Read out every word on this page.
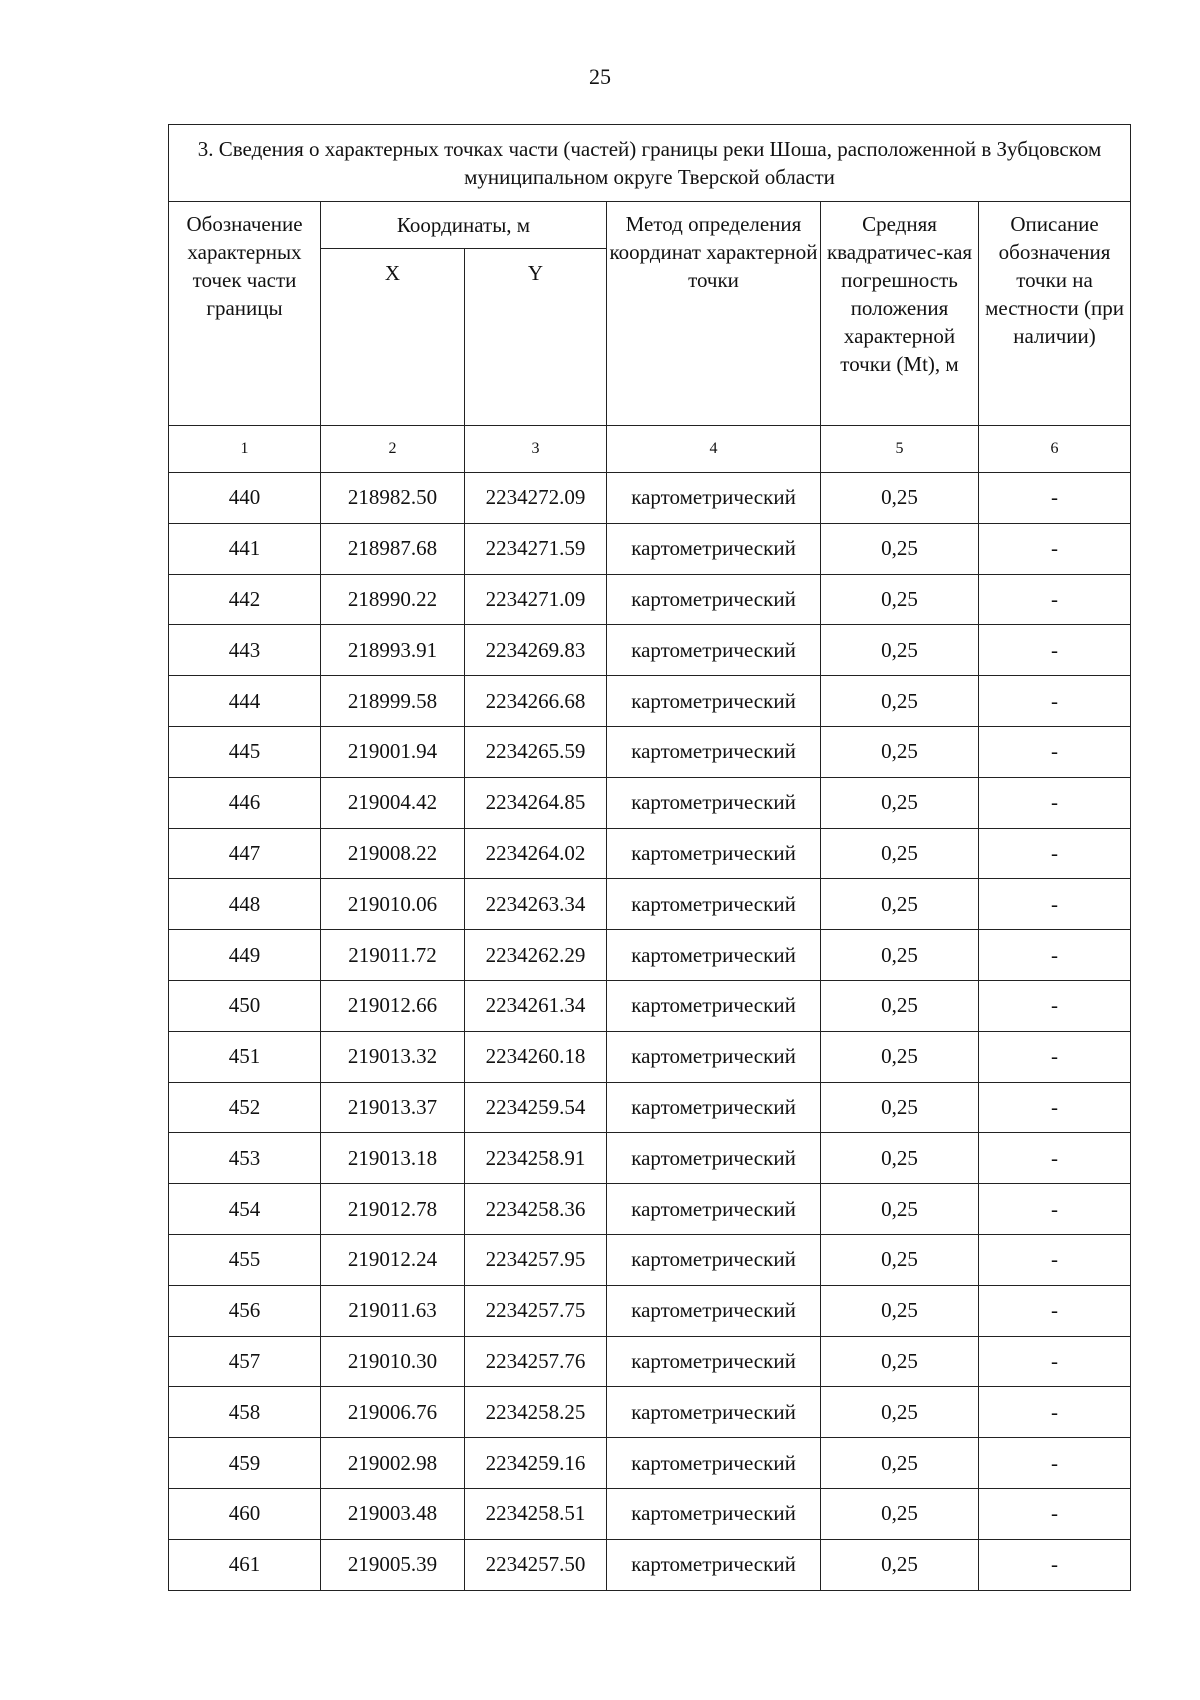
25
3. Сведения о характерных точках части (частей) границы реки Шоша, расположенной в Зубцовском муниципальном округе Тверской области					
Обозначение характерных точек части границы	Координаты, м		Метод определения координат характерной точки	Средняя квадратичес-кая погрешность положения характерной точки (Mt), м	Описание обозначения точки на местности (при наличии)
	X	Y			
1	2	3	4	5	6
440	218982.50	2234272.09	картометрический	0,25	-
441	218987.68	2234271.59	картометрический	0,25	-
442	218990.22	2234271.09	картометрический	0,25	-
443	218993.91	2234269.83	картометрический	0,25	-
444	218999.58	2234266.68	картометрический	0,25	-
445	219001.94	2234265.59	картометрический	0,25	-
446	219004.42	2234264.85	картометрический	0,25	-
447	219008.22	2234264.02	картометрический	0,25	-
448	219010.06	2234263.34	картометрический	0,25	-
449	219011.72	2234262.29	картометрический	0,25	-
450	219012.66	2234261.34	картометрический	0,25	-
451	219013.32	2234260.18	картометрический	0,25	-
452	219013.37	2234259.54	картометрический	0,25	-
453	219013.18	2234258.91	картометрический	0,25	-
454	219012.78	2234258.36	картометрический	0,25	-
455	219012.24	2234257.95	картометрический	0,25	-
456	219011.63	2234257.75	картометрический	0,25	-
457	219010.30	2234257.76	картометрический	0,25	-
458	219006.76	2234258.25	картометрический	0,25	-
459	219002.98	2234259.16	картометрический	0,25	-
460	219003.48	2234258.51	картометрический	0,25	-
461	219005.39	2234257.50	картометрический	0,25	-
